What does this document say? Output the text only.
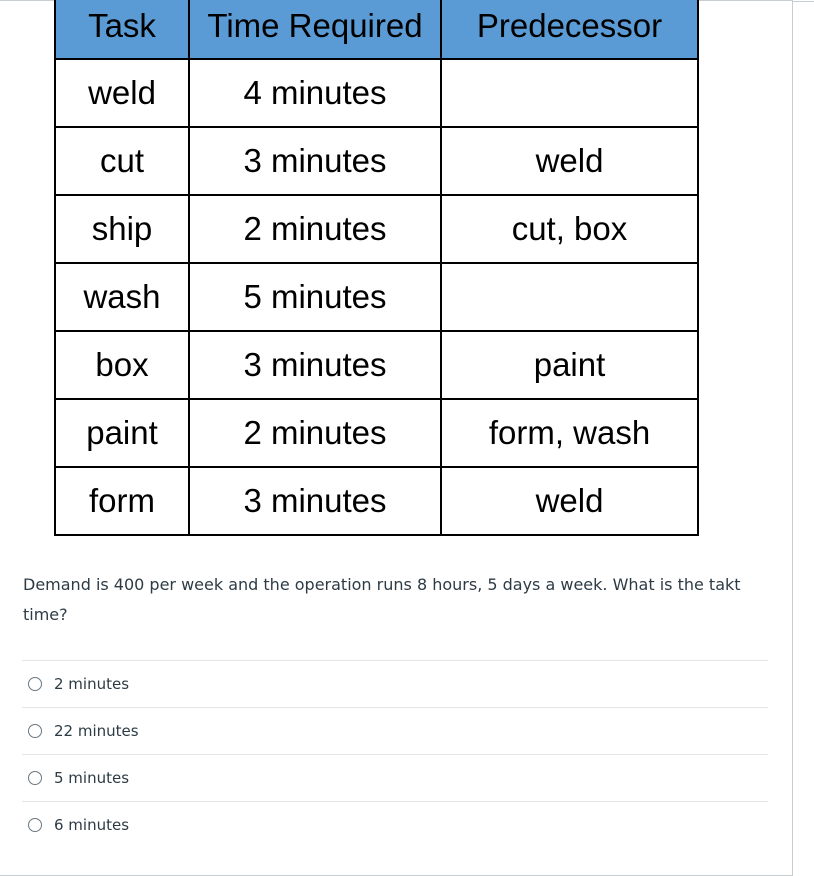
Task	Time Required	Predecessor
weld	4 minutes	
cut	3 minutes	weld
ship	2 minutes	cut, box
wash	5 minutes	
box	3 minutes	paint
paint	2 minutes	form, wash
form	3 minutes	weld

Demand is 400 per week and the operation runs 8 hours, 5 days a week. What is the takt time?

2 minutes
22 minutes
5 minutes
6 minutes
